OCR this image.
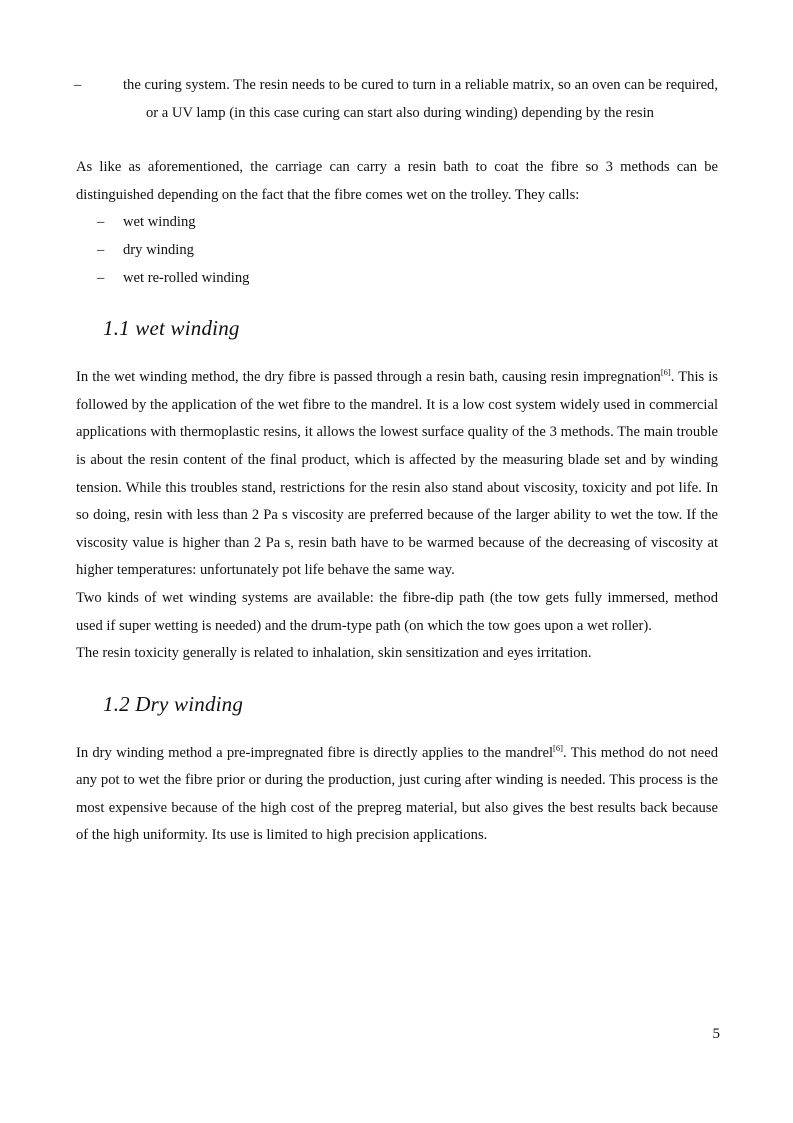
–	the curing system. The resin needs to be cured to turn in a reliable matrix, so an oven can be required, or a UV lamp (in this case curing can start also during winding) depending by the resin

As like as aforementioned, the carriage can carry a resin bath to coat the fibre so 3 methods can be distinguished depending on the fact that the fibre comes wet on the trolley. They calls:

– wet winding
– dry winding
– wet re-rolled winding
1.1 wet winding

In the wet winding method, the dry fibre is passed through a resin bath, causing resin impregnation[6]. This is followed by the application of the wet fibre to the mandrel. It is a low cost system widely used in commercial applications with thermoplastic resins, it allows the lowest surface quality of the 3 methods. The main trouble is about the resin content of the final product, which is affected by the measuring blade set and by winding tension. While this troubles stand, restrictions for the resin also stand about viscosity, toxicity and pot life. In so doing, resin with less than 2 Pa s viscosity are preferred because of the larger ability to wet the tow. If the viscosity value is higher than 2 Pa s, resin bath have to be warmed because of the decreasing of viscosity at higher temperatures: unfortunately pot life behave the same way.

Two kinds of wet winding systems are available: the fibre-dip path (the tow gets fully immersed, method used if super wetting is needed) and the drum-type path (on which the tow goes upon a wet roller).

The resin toxicity generally is related to inhalation, skin sensitization and eyes irritation.

1.2 Dry winding

In dry winding method a pre-impregnated fibre is directly applies to the mandrel[6]. This method do not need any pot to wet the fibre prior or during the production, just curing after winding is needed. This process is the most expensive because of the high cost of the prepreg material, but also gives the best results back because of the high uniformity. Its use is limited to high precision applications.

5
